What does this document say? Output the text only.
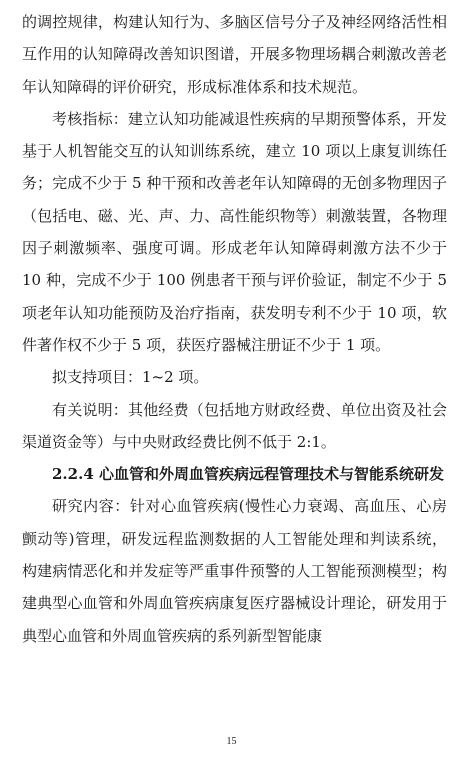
的调控规律，构建认知行为、多脑区信号分子及神经网络活性相互作用的认知障碍改善知识图谱，开展多物理场耦合刺激改善老年认知障碍的评价研究，形成标准体系和技术规范。

考核指标：建立认知功能减退性疾病的早期预警体系，开发基于人机智能交互的认知训练系统，建立 10 项以上康复训练任务；完成不少于 5 种干预和改善老年认知障碍的无创多物理因子（包括电、磁、光、声、力、高性能织物等）刺激装置，各物理因子刺激频率、强度可调。形成老年认知障碍刺激方法不少于 10 种，完成不少于 100 例患者干预与评价验证，制定不少于 5 项老年认知功能预防及治疗指南，获发明专利不少于 10 项，软件著作权不少于 5 项，获医疗器械注册证不少于 1 项。

拟支持项目：1~2 项。

有关说明：其他经费（包括地方财政经费、单位出资及社会渠道资金等）与中央财政经费比例不低于 2:1。

2.2.4 心血管和外周血管疾病远程管理技术与智能系统研发

研究内容：针对心血管疾病(慢性心力衰竭、高血压、心房颤动等)管理，研发远程监测数据的人工智能处理和判读系统，构建病情恶化和并发症等严重事件预警的人工智能预测模型；构建典型心血管和外周血管疾病康复医疗器械设计理论，研发用于典型心血管和外周血管疾病的系列新型智能康

15
